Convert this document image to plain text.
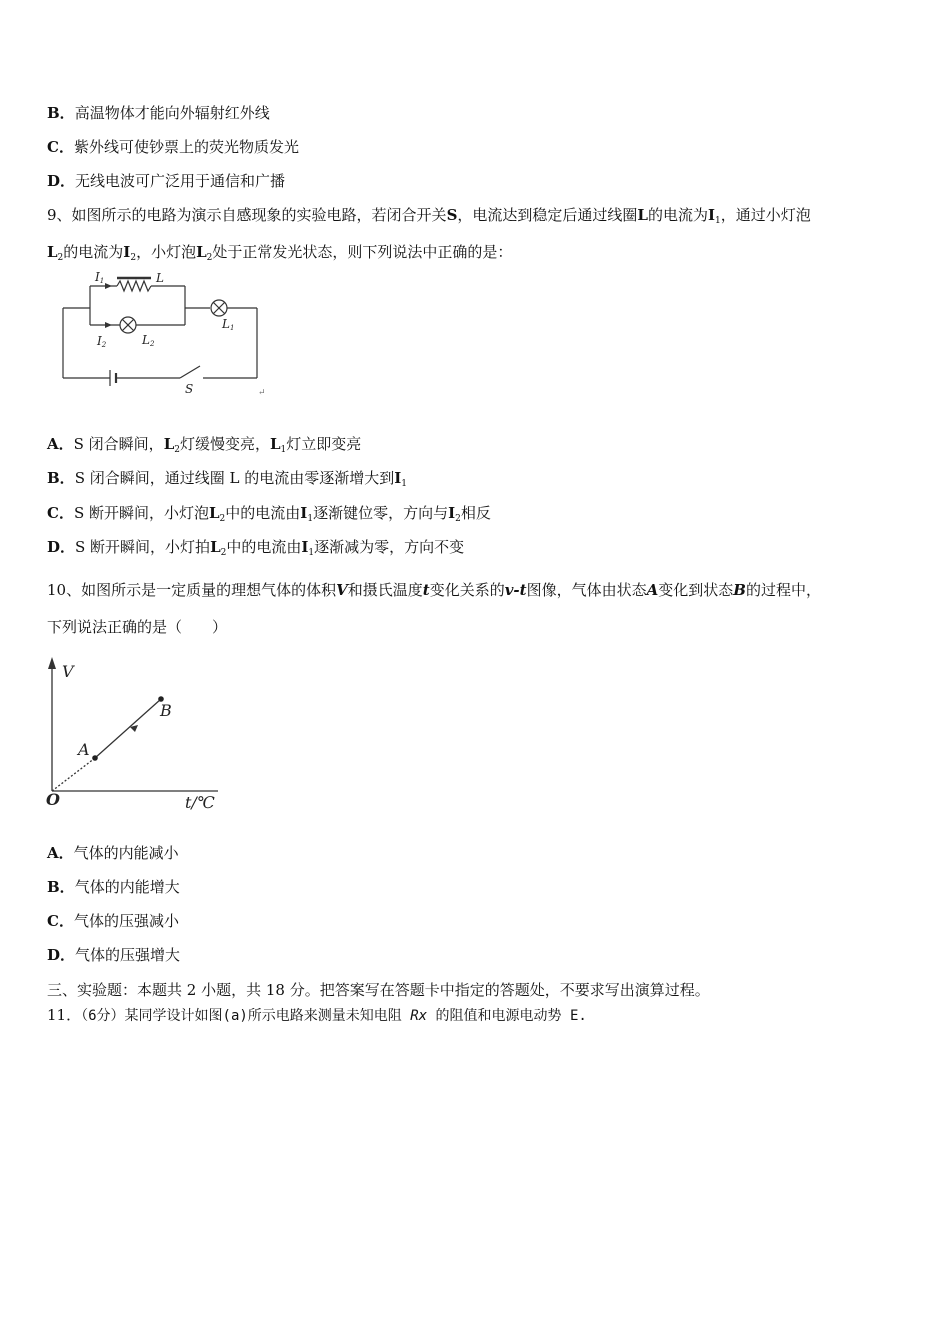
B．高温物体才能向外辐射红外线
C．紫外线可使钞票上的荧光物质发光
D．无线电波可广泛用于通信和广播
9、如图所示的电路为演示自感现象的实验电路，若闭合开关S，电流达到稳定后通过线圈L的电流为$I_1$，通过小灯泡
$L_2$的电流为$I_2$，小灯泡$L_2$处于正常发光状态，则下列说法中正确的是：
I1	L
I2	L2
L1
S	↵
A．S 闭合瞬间，$L_2$灯缓慢变亮，$L_1$灯立即变亮
B．S 闭合瞬间，通过线圈 L 的电流由零逐渐增大到$I_1$
C．S 断开瞬间，小灯泡$L_2$中的电流由$I_1$逐渐键位零，方向与$I_2$相反
D．S 断开瞬间，小灯拍$L_2$中的电流由$I_1$逐渐减为零，方向不变
10、如图所示是一定质量的理想气体的体积V和摄氏温度t变化关系的v-t图像，气体由状态A变化到状态B的过程中，
下列说法正确的是（　　）
V
B
A
O	t/℃
A．气体的内能减小
B．气体的内能增大
C．气体的压强减小
D．气体的压强增大
三、实验题：本题共 2 小题，共 18 分。把答案写在答题卡中指定的答题处，不要求写出演算过程。
11．（6分）某同学设计如图(a)所示电路来测量未知电阻 Rx 的阻值和电源电动势 E.
